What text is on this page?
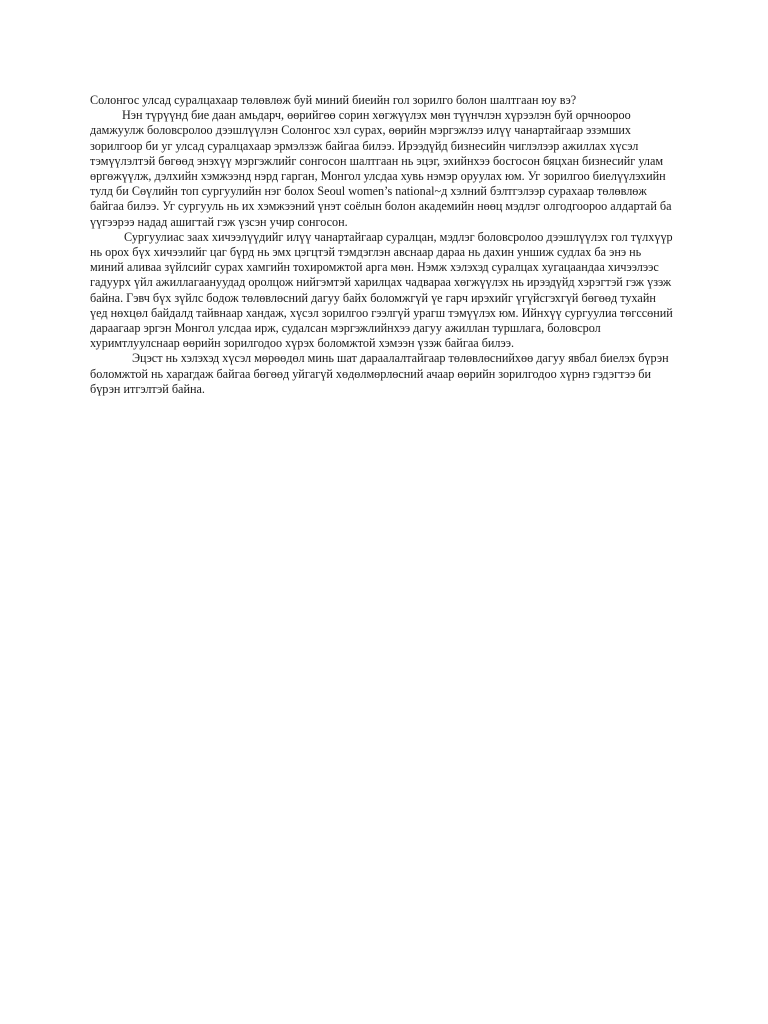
Солонгос улсад суралцахаар төлөвлөж буй миний биеийн гол зорилго болон шалтгаан юу вэ?

Нэн түрүүнд бие даан амьдарч, өөрийгөө сорин хөгжүүлэх мөн түүнчлэн хүрээлэн буй орчноороо дамжуулж боловсролоо дээшлүүлэн Солонгос хэл сурах, өөрийн мэргэжлээ илүү чанартайгаар эзэмших зорилгоор би уг улсад суралцахаар эрмэлзэж байгаа билээ. Ирээдүйд бизнесийн чиглэлээр ажиллах хүсэл тэмүүлэлтэй бөгөөд энэхүү мэргэжлийг сонгосон шалтгаан нь эцэг, эхийнхээ босгосон бяцхан бизнесийг улам өргөжүүлж, дэлхийн хэмжээнд нэрд гарган, Монгол улсдаа хувь нэмэр оруулах юм. Уг зорилгоо биелүүлэхийн тулд би Сөүлийн топ сургуулийн нэг болох Seoul women’s national~д хэлний бэлтгэлээр сурахаар төлөвлөж байгаа билээ. Уг сургууль нь их хэмжээний үнэт соёлын болон академийн нөөц мэдлэг олгодгоороо алдартай ба үүгээрээ надад ашигтай гэж үзсэн учир сонгосон.

Сургуулиас заах хичээлүүдийг илүү чанартайгаар суралцан, мэдлэг боловсролоо дээшлүүлэх гол түлхүүр нь орох бүх хичээлийг цаг бүрд нь эмх цэгцтэй тэмдэглэн авснаар дараа нь дахин уншиж судлах ба энэ нь миний аливаа зүйлсийг сурах хамгийн тохиромжтой арга мөн. Нэмж хэлэхэд суралцах хугацаандаа хичээлээс гадуурх үйл ажиллагаануудад оролцож нийгэмтэй харилцах чадвараа хөгжүүлэх нь ирээдүйд хэрэгтэй гэж үзэж байна. Гэвч бүх зүйлс бодож төлөвлөсний дагуу байх боломжгүй үе гарч ирэхийг үгүйсгэхгүй бөгөөд тухайн үед нөхцөл байдалд тайвнаар хандаж, хүсэл зорилгоо гээлгүй урагш тэмүүлэх юм. Ийнхүү сургуулиа төгссөний дараагаар эргэн Монгол улсдаа ирж, судалсан мэргэжлийнхээ дагуу ажиллан туршлага, боловсрол хуримтлуулснаар өөрийн зорилгодоо хүрэх боломжтой хэмээн үзэж байгаа билээ.

Эцэст нь хэлэхэд хүсэл мөрөөдөл минь шат дараалалтайгаар төлөвлөснийхөө дагуу явбал биелэх бүрэн боломжтой нь харагдаж байгаа бөгөөд уйгагүй хөдөлмөрлөсний ачаар өөрийн зорилгодоо хүрнэ гэдэгтээ би бүрэн итгэлтэй байна.
